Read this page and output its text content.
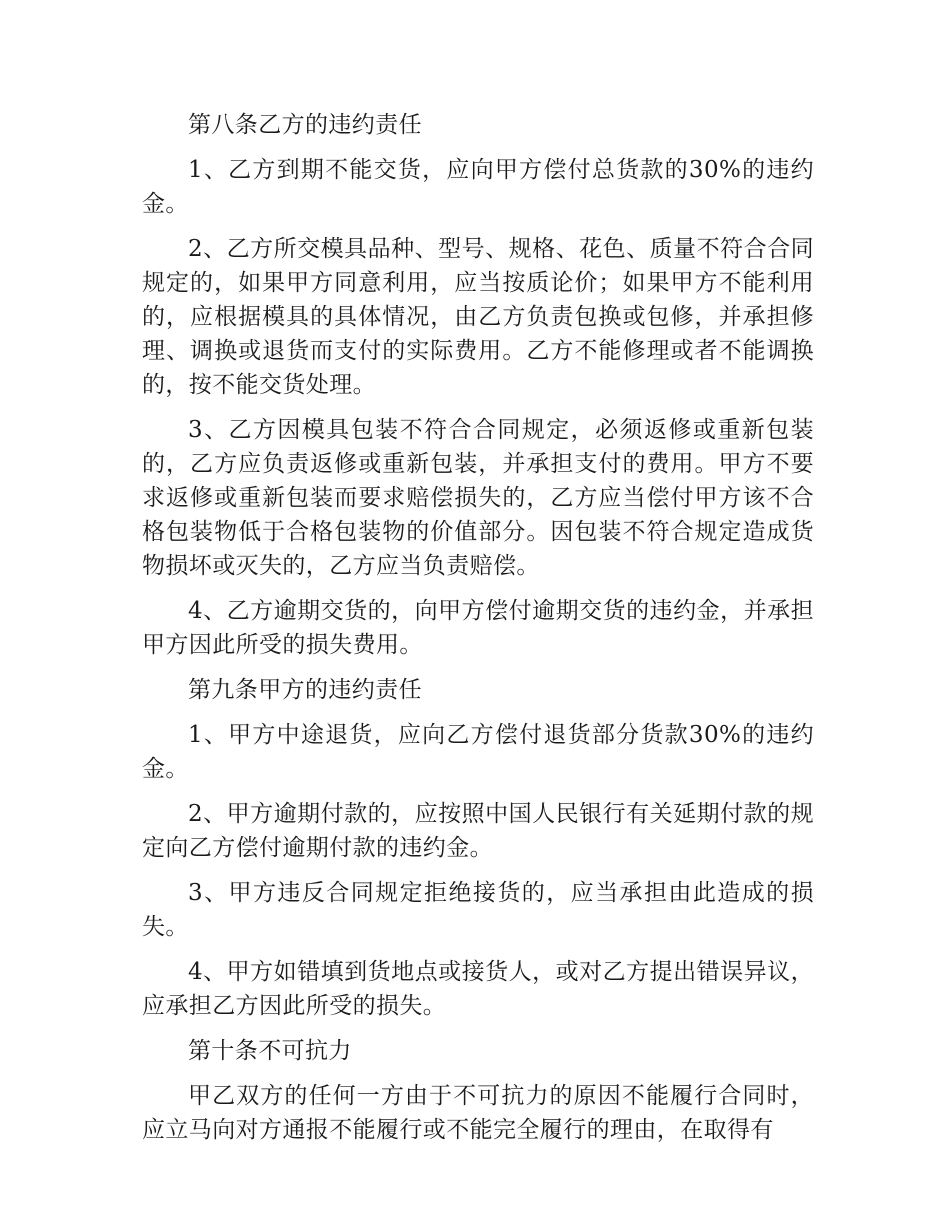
第八条乙方的违约责任

1、乙方到期不能交货，应向甲方偿付总货款的30%的违约金。

2、乙方所交模具品种、型号、规格、花色、质量不符合合同规定的，如果甲方同意利用，应当按质论价；如果甲方不能利用的，应根据模具的具体情况，由乙方负责包换或包修，并承担修理、调换或退货而支付的实际费用。乙方不能修理或者不能调换的，按不能交货处理。

3、乙方因模具包装不符合合同规定，必须返修或重新包装的，乙方应负责返修或重新包装，并承担支付的费用。甲方不要求返修或重新包装而要求赔偿损失的，乙方应当偿付甲方该不合格包装物低于合格包装物的价值部分。因包装不符合规定造成货物损坏或灭失的，乙方应当负责赔偿。

4、乙方逾期交货的，向甲方偿付逾期交货的违约金，并承担甲方因此所受的损失费用。

第九条甲方的违约责任

1、甲方中途退货，应向乙方偿付退货部分货款30%的违约金。

2、甲方逾期付款的，应按照中国人民银行有关延期付款的规定向乙方偿付逾期付款的违约金。

3、甲方违反合同规定拒绝接货的，应当承担由此造成的损失。

4、甲方如错填到货地点或接货人，或对乙方提出错误异议，应承担乙方因此所受的损失。

第十条不可抗力

甲乙双方的任何一方由于不可抗力的原因不能履行合同时，应立马向对方通报不能履行或不能完全履行的理由，在取得有
